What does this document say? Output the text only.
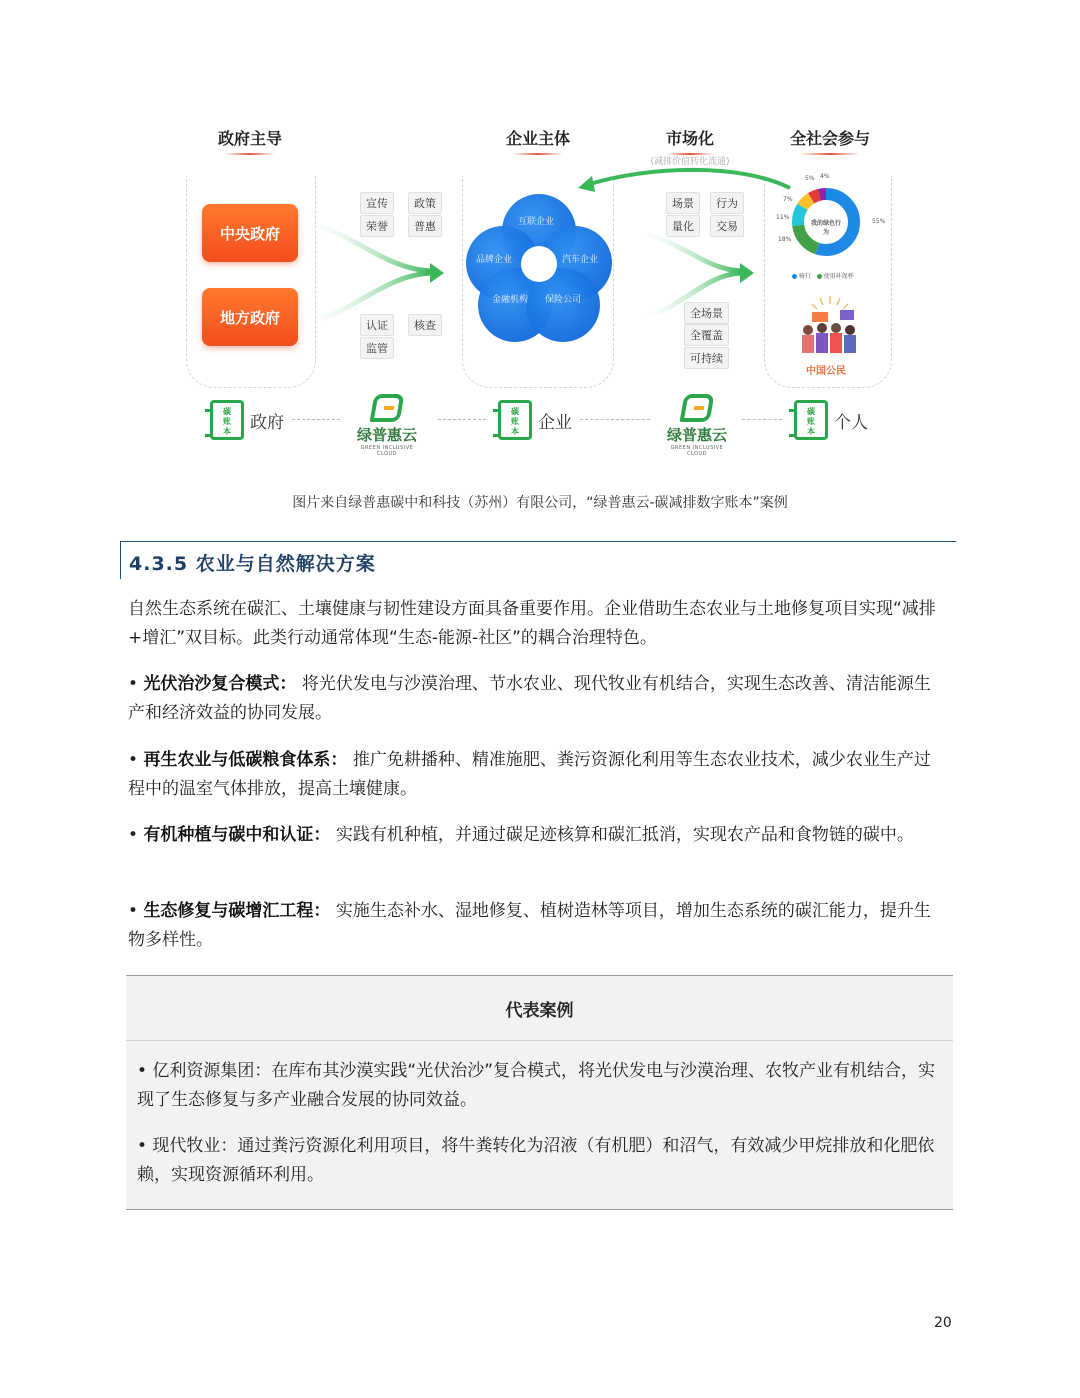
政府主导	企业主体	市场化
(减排价值转化流通)
全社会参与
中央政府
地方政府
宣传	政策
荣誉	普惠
认证	核查
监管
互联企业
品牌企业	汽车企业
金融机构 保险公司
场景	行为
量化	交易
全场景
全覆盖
可持续
我的绿色行为
5% 4%
7%
11%
18%
55%
骑行 使用环保杯
中国公民
碳
账
本	政府
绿普惠云
GREEN INCLUSIVE CLOUD
碳
账
本	企业
绿普惠云
GREEN INCLUSIVE CLOUD
碳
账
本	个人
图片来自绿普惠碳中和科技（苏州）有限公司，“绿普惠云-碳减排数字账本”案例
4.3.5 农业与自然解决方案
自然生态系统在碳汇、土壤健康与韧性建设方面具备重要作用。企业借助生态农业与土地修复项目实现“减排+增汇”双目标。此类行动通常体现“生态-能源-社区”的耦合治理特色。
• 光伏治沙复合模式： 将光伏发电与沙漠治理、节水农业、现代牧业有机结合，实现生态改善、清洁能源生产和经济效益的协同发展。
• 再生农业与低碳粮食体系： 推广免耕播种、精准施肥、粪污资源化利用等生态农业技术，减少农业生产过程中的温室气体排放，提高土壤健康。
• 有机种植与碳中和认证： 实践有机种植，并通过碳足迹核算和碳汇抵消，实现农产品和食物链的碳中。
• 生态修复与碳增汇工程： 实施生态补水、湿地修复、植树造林等项目，增加生态系统的碳汇能力，提升生物多样性。
代表案例
• 亿利资源集团：在库布其沙漠实践“光伏治沙”复合模式，将光伏发电与沙漠治理、农牧产业有机结合，实现了生态修复与多产业融合发展的协同效益。
• 现代牧业：通过粪污资源化利用项目，将牛粪转化为沼液（有机肥）和沼气，有效减少甲烷排放和化肥依赖，实现资源循环利用。
20
